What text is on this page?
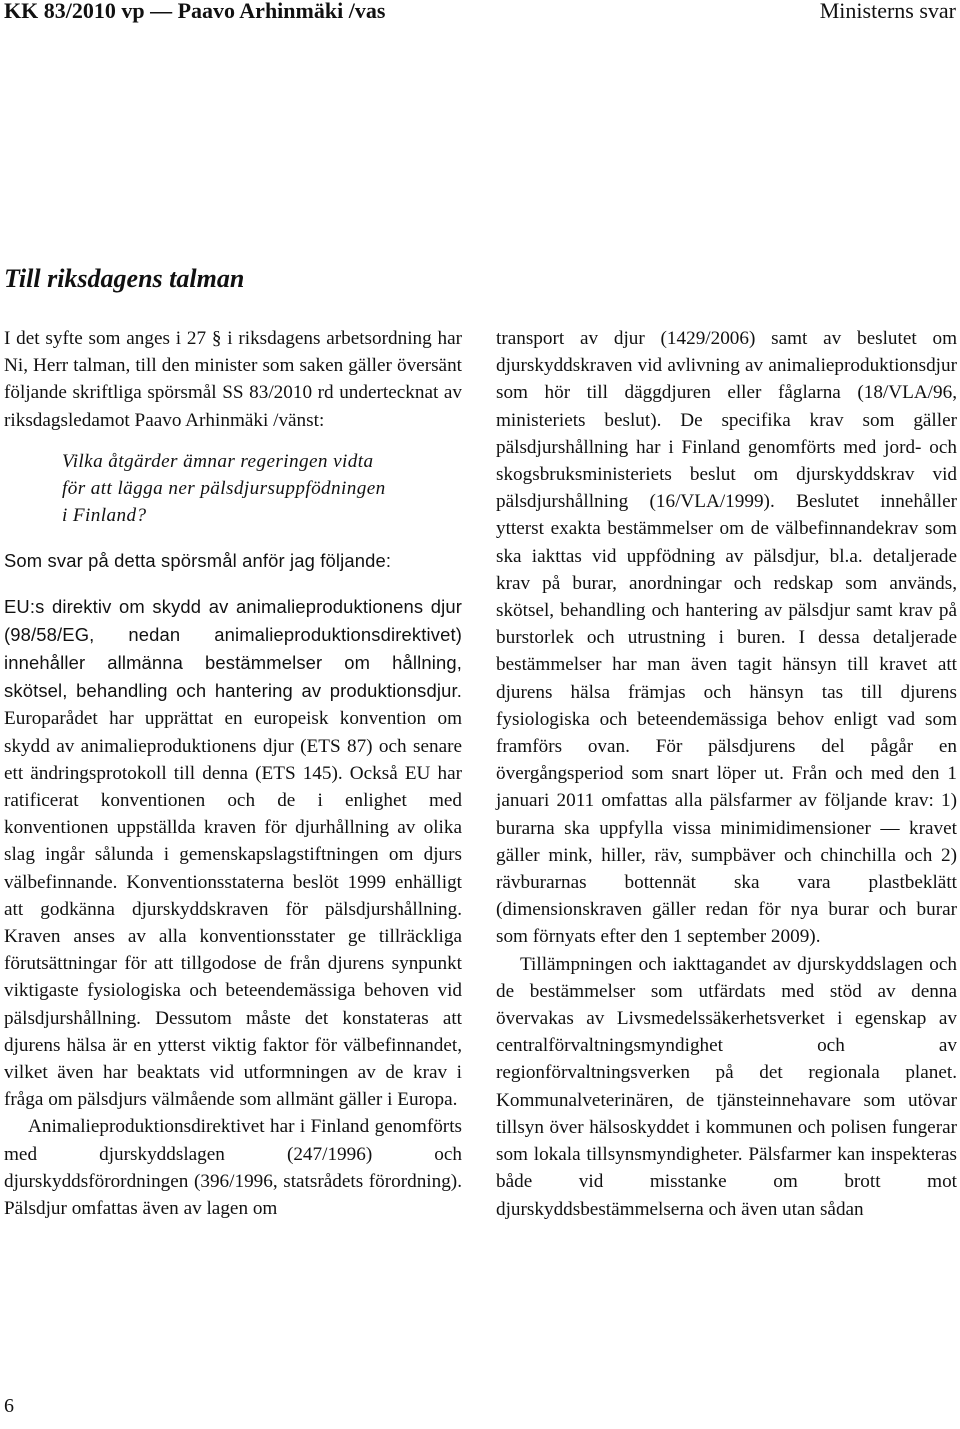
KK 83/2010 vp — Paavo Arhinmäki /vas	Ministerns svar
Till riksdagens talman

I det syfte som anges i 27 § i riksdagens arbetsordning har Ni, Herr talman, till den minister som saken gäller översänt följande skriftliga spörsmål SS 83/2010 rd undertecknat av riksdagsledamot Paavo Arhinmäki /vänst:

Vilka åtgärder ämnar regeringen vidta
för att lägga ner pälsdjursuppfödningen
i Finland?

Som svar på detta spörsmål anför jag följande:

EU:s direktiv om skydd av animalieproduktionens djur (98/58/EG, nedan animalieproduktionsdirektivet) innehåller allmänna bestämmelser om hållning, skötsel, behandling och hantering av produktionsdjur. Europarådet har upprättat en europeisk konvention om skydd av animalieproduktionens djur (ETS 87) och senare ett ändringsprotokoll till denna (ETS 145). Också EU har ratificerat konventionen och de i enlighet med konventionen uppställda kraven för djurhållning av olika slag ingår sålunda i gemenskapslagstiftningen om djurs välbefinnande. Konventionsstaterna beslöt 1999 enhälligt att godkänna djurskyddskraven för pälsdjurshållning. Kraven anses av alla konventionsstater ge tillräckliga förutsättningar för att tillgodose de från djurens synpunkt viktigaste fysiologiska och beteendemässiga behoven vid pälsdjurshållning. Dessutom måste det konstateras att djurens hälsa är en ytterst viktig faktor för välbefinnandet, vilket även har beaktats vid utformningen av de krav i fråga om pälsdjurs välmående som allmänt gäller i Europa.

Animalieproduktionsdirektivet har i Finland genomförts med djurskyddslagen (247/1996) och djurskyddsförordningen (396/1996, statsrådets förordning). Pälsdjur omfattas även av lagen om

transport av djur (1429/2006) samt av beslutet om djurskyddskraven vid avlivning av animalieproduktionsdjur som hör till däggdjuren eller fåglarna (18/VLA/96, ministeriets beslut). De specifika krav som gäller pälsdjurshållning har i Finland genomförts med jord- och skogsbruksministeriets beslut om djurskyddskrav vid pälsdjurshållning (16/VLA/1999). Beslutet innehåller ytterst exakta bestämmelser om de välbefinnandekrav som ska iakttas vid uppfödning av pälsdjur, bl.a. detaljerade krav på burar, anordningar och redskap som används, skötsel, behandling och hantering av pälsdjur samt krav på burstorlek och utrustning i buren. I dessa detaljerade bestämmelser har man även tagit hänsyn till kravet att djurens hälsa främjas och hänsyn tas till djurens fysiologiska och beteendemässiga behov enligt vad som framförs ovan. För pälsdjurens del pågår en övergångsperiod som snart löper ut. Från och med den 1 januari 2011 omfattas alla pälsfarmer av följande krav: 1) burarna ska uppfylla vissa minimidimensioner — kravet gäller mink, hiller, räv, sumpbäver och chinchilla och 2) rävburarnas bottennät ska vara plastbeklätt (dimensionskraven gäller redan för nya burar och burar som förnyats efter den 1 september 2009).

Tillämpningen och iakttagandet av djurskyddslagen och de bestämmelser som utfärdats med stöd av denna övervakas av Livsmedelssäkerhetsverket i egenskap av centralförvaltningsmyndighet och av regionförvaltningsverken på det regionala planet. Kommunalveterinären, de tjänsteinnehavare som utövar tillsyn över hälsoskyddet i kommunen och polisen fungerar som lokala tillsynsmyndigheter. Pälsfarmer kan inspekteras både vid misstanke om brott mot djurskyddsbestämmelserna och även utan sådan

6
